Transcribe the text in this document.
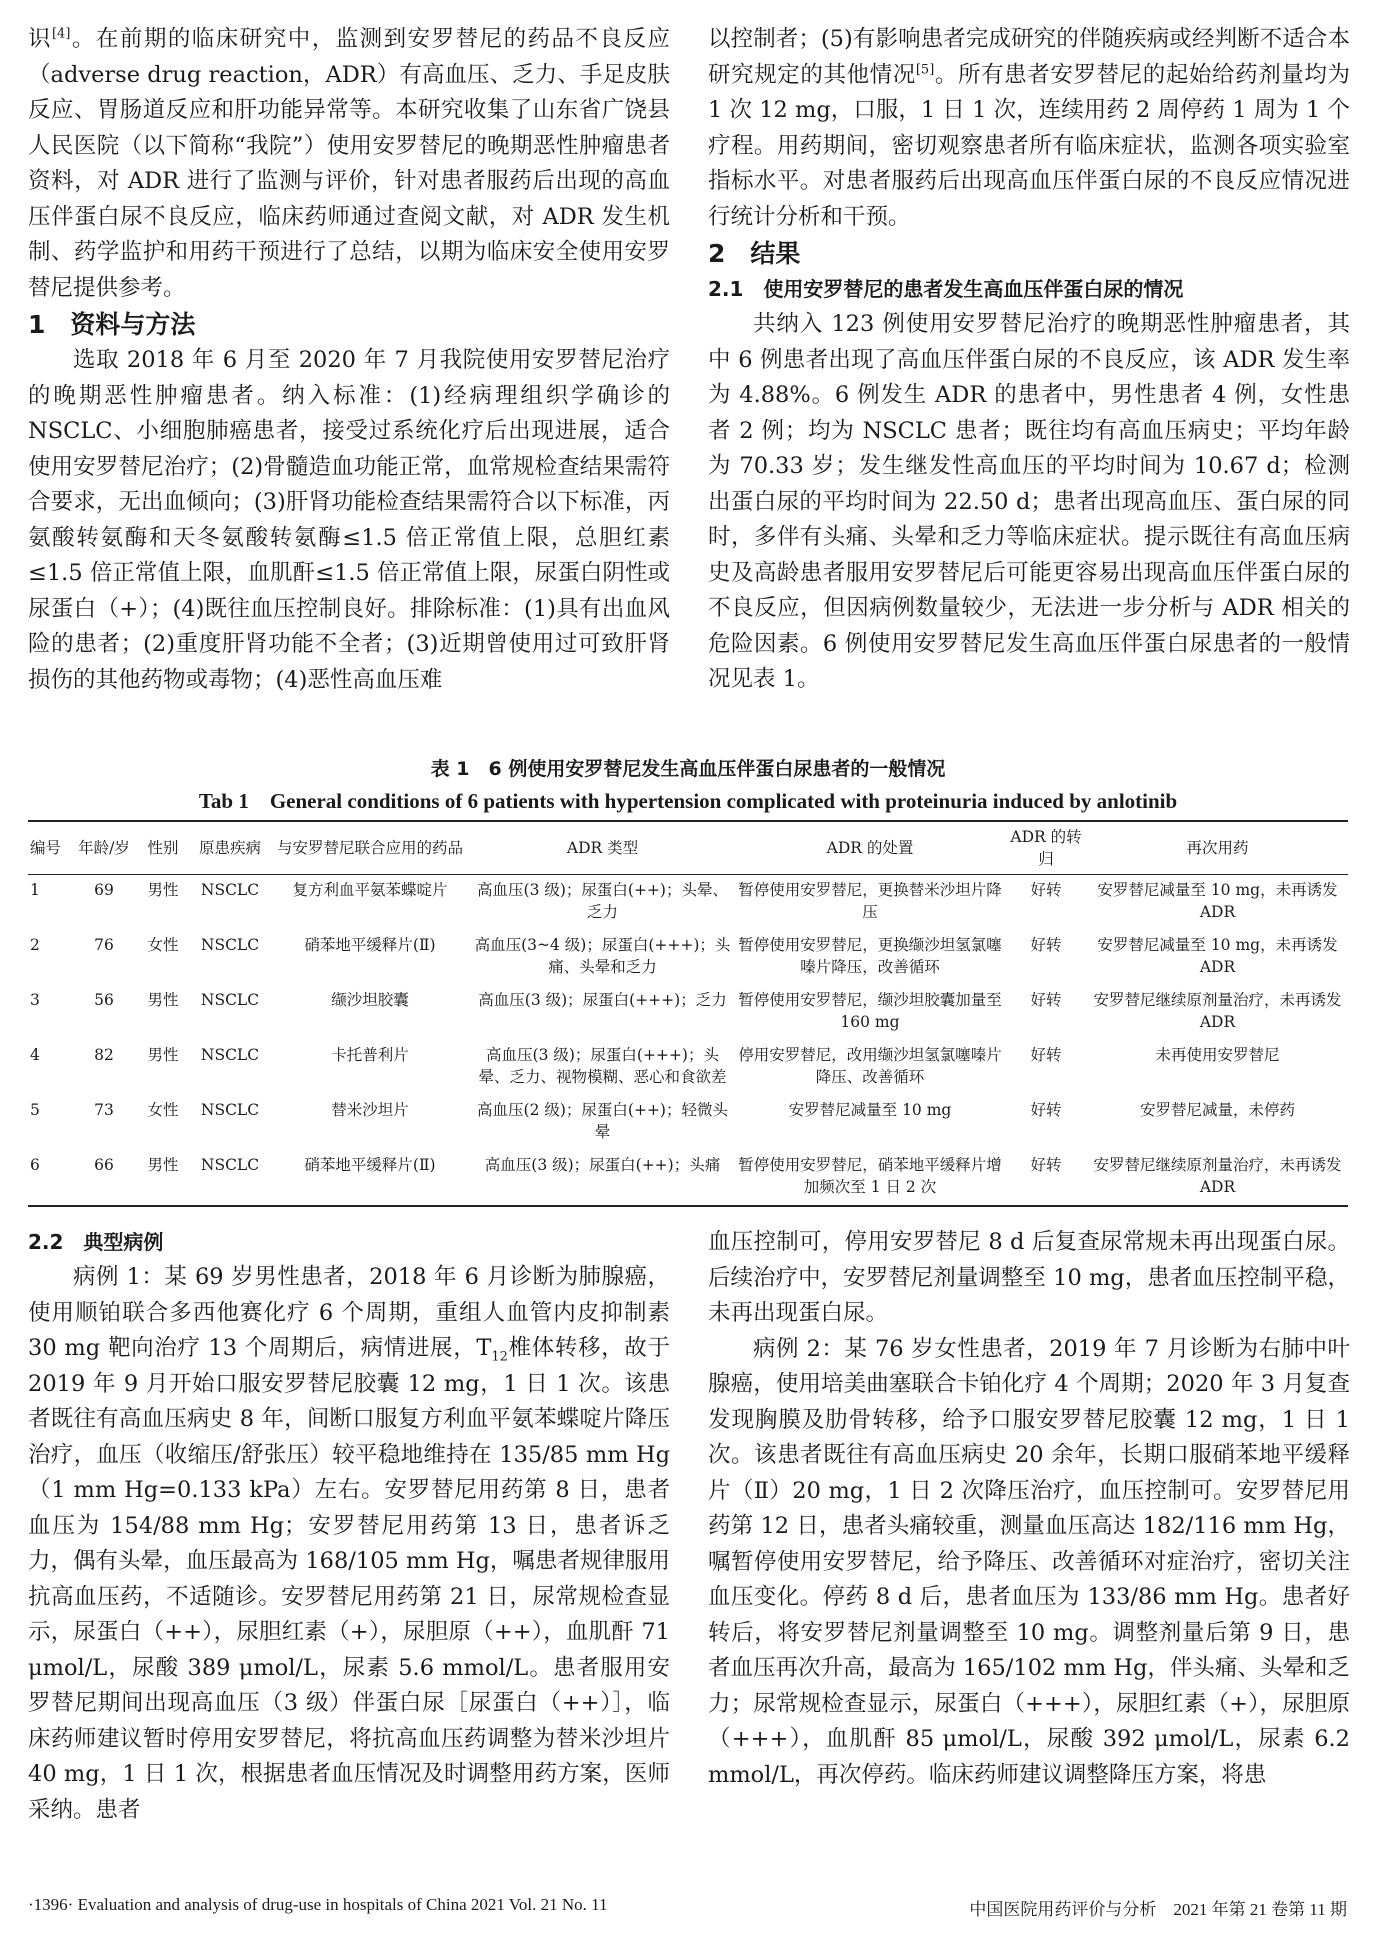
识[4]。在前期的临床研究中，监测到安罗替尼的药品不良反应（adverse drug reaction，ADR）有高血压、乏力、手足皮肤反应、胃肠道反应和肝功能异常等。本研究收集了山东省广饶县人民医院（以下简称“我院”）使用安罗替尼的晚期恶性肿瘤患者资料，对 ADR 进行了监测与评价，针对患者服药后出现的高血压伴蛋白尿不良反应，临床药师通过查阅文献，对 ADR 发生机制、药学监护和用药干预进行了总结，以期为临床安全使用安罗替尼提供参考。

1　资料与方法

选取 2018 年 6 月至 2020 年 7 月我院使用安罗替尼治疗的晚期恶性肿瘤患者。纳入标准：(1)经病理组织学确诊的 NSCLC、小细胞肺癌患者，接受过系统化疗后出现进展，适合使用安罗替尼治疗；(2)骨髓造血功能正常，血常规检查结果需符合要求，无出血倾向；(3)肝肾功能检查结果需符合以下标准，丙氨酸转氨酶和天冬氨酸转氨酶≤1.5 倍正常值上限，总胆红素≤1.5 倍正常值上限，血肌酐≤1.5 倍正常值上限，尿蛋白阴性或尿蛋白（+）；(4)既往血压控制良好。排除标准：(1)具有出血风险的患者；(2)重度肝肾功能不全者；(3)近期曾使用过可致肝肾损伤的其他药物或毒物；(4)恶性高血压难

以控制者；(5)有影响患者完成研究的伴随疾病或经判断不适合本研究规定的其他情况[5]。所有患者安罗替尼的起始给药剂量均为 1 次 12 mg，口服，1 日 1 次，连续用药 2 周停药 1 周为 1 个疗程。用药期间，密切观察患者所有临床症状，监测各项实验室指标水平。对患者服药后出现高血压伴蛋白尿的不良反应情况进行统计分析和干预。

2　结果

2.1　使用安罗替尼的患者发生高血压伴蛋白尿的情况

共纳入 123 例使用安罗替尼治疗的晚期恶性肿瘤患者，其中 6 例患者出现了高血压伴蛋白尿的不良反应，该 ADR 发生率为 4.88%。6 例发生 ADR 的患者中，男性患者 4 例，女性患者 2 例；均为 NSCLC 患者；既往均有高血压病史；平均年龄为 70.33 岁；发生继发性高血压的平均时间为 10.67 d；检测出蛋白尿的平均时间为 22.50 d；患者出现高血压、蛋白尿的同时，多伴有头痛、头晕和乏力等临床症状。提示既往有高血压病史及高龄患者服用安罗替尼后可能更容易出现高血压伴蛋白尿的不良反应，但因病例数量较少，无法进一步分析与 ADR 相关的危险因素。6 例使用安罗替尼发生高血压伴蛋白尿患者的一般情况见表 1。

表 1　6 例使用安罗替尼发生高血压伴蛋白尿患者的一般情况
Tab 1　General conditions of 6 patients with hypertension complicated with proteinuria induced by anlotinib
编号	年龄/岁	性别	原患疾病	与安罗替尼联合应用的药品	ADR 类型	ADR 的处置	ADR 的转归	再次用药
1	69	男性	NSCLC	复方利血平氨苯蝶啶片	高血压(3 级)；尿蛋白(++)；头晕、乏力	暂停使用安罗替尼，更换替米沙坦片降压	好转	安罗替尼减量至 10 mg，未再诱发 ADR
2	76	女性	NSCLC	硝苯地平缓释片(Ⅱ)	高血压(3~4 级)；尿蛋白(+++)；头痛、头晕和乏力	暂停使用安罗替尼，更换缬沙坦氢氯噻嗪片降压，改善循环	好转	安罗替尼减量至 10 mg，未再诱发 ADR
3	56	男性	NSCLC	缬沙坦胶囊	高血压(3 级)；尿蛋白(+++)；乏力	暂停使用安罗替尼，缬沙坦胶囊加量至 160 mg	好转	安罗替尼继续原剂量治疗，未再诱发 ADR
4	82	男性	NSCLC	卡托普利片	高血压(3 级)；尿蛋白(+++)；头晕、乏力、视物模糊、恶心和食欲差	停用安罗替尼，改用缬沙坦氢氯噻嗪片降压、改善循环	好转	未再使用安罗替尼
5	73	女性	NSCLC	替米沙坦片	高血压(2 级)；尿蛋白(++)；轻微头晕	安罗替尼减量至 10 mg	好转	安罗替尼减量，未停药
6	66	男性	NSCLC	硝苯地平缓释片(Ⅱ)	高血压(3 级)；尿蛋白(++)；头痛	暂停使用安罗替尼，硝苯地平缓释片增加频次至 1 日 2 次	好转	安罗替尼继续原剂量治疗，未再诱发 ADR

2.2　典型病例

病例 1：某 69 岁男性患者，2018 年 6 月诊断为肺腺癌，使用顺铂联合多西他赛化疗 6 个周期，重组人血管内皮抑制素 30 mg 靶向治疗 13 个周期后，病情进展，$T_{12}$椎体转移，故于 2019 年 9 月开始口服安罗替尼胶囊 12 mg，1 日 1 次。该患者既往有高血压病史 8 年，间断口服复方利血平氨苯蝶啶片降压治疗，血压（收缩压/舒张压）较平稳地维持在 135/85 mm Hg（1 mm Hg=0.133 kPa）左右。安罗替尼用药第 8 日，患者血压为 154/88 mm Hg；安罗替尼用药第 13 日，患者诉乏力，偶有头晕，血压最高为 168/105 mm Hg，嘱患者规律服用抗高血压药，不适随诊。安罗替尼用药第 21 日，尿常规检查显示，尿蛋白（++），尿胆红素（+），尿胆原（++），血肌酐 71 μmol/L，尿酸 389 μmol/L，尿素 5.6 mmol/L。患者服用安罗替尼期间出现高血压（3 级）伴蛋白尿［尿蛋白（++）］，临床药师建议暂时停用安罗替尼，将抗高血压药调整为替米沙坦片 40 mg，1 日 1 次，根据患者血压情况及时调整用药方案，医师采纳。患者

血压控制可，停用安罗替尼 8 d 后复查尿常规未再出现蛋白尿。后续治疗中，安罗替尼剂量调整至 10 mg，患者血压控制平稳，未再出现蛋白尿。

病例 2：某 76 岁女性患者，2019 年 7 月诊断为右肺中叶腺癌，使用培美曲塞联合卡铂化疗 4 个周期；2020 年 3 月复查发现胸膜及肋骨转移，给予口服安罗替尼胶囊 12 mg，1 日 1 次。该患者既往有高血压病史 20 余年，长期口服硝苯地平缓释片（Ⅱ）20 mg，1 日 2 次降压治疗，血压控制可。安罗替尼用药第 12 日，患者头痛较重，测量血压高达 182/116 mm Hg，嘱暂停使用安罗替尼，给予降压、改善循环对症治疗，密切关注血压变化。停药 8 d 后，患者血压为 133/86 mm Hg。患者好转后，将安罗替尼剂量调整至 10 mg。调整剂量后第 9 日，患者血压再次升高，最高为 165/102 mm Hg，伴头痛、头晕和乏力；尿常规检查显示，尿蛋白（+++），尿胆红素（+），尿胆原（+++），血肌酐 85 μmol/L，尿酸 392 μmol/L，尿素 6.2 mmol/L，再次停药。临床药师建议调整降压方案，将患

·1396· Evaluation and analysis of drug-use in hospitals of China 2021 Vol. 21 No. 11	中国医院用药评价与分析　2021 年第 21 卷第 11 期
